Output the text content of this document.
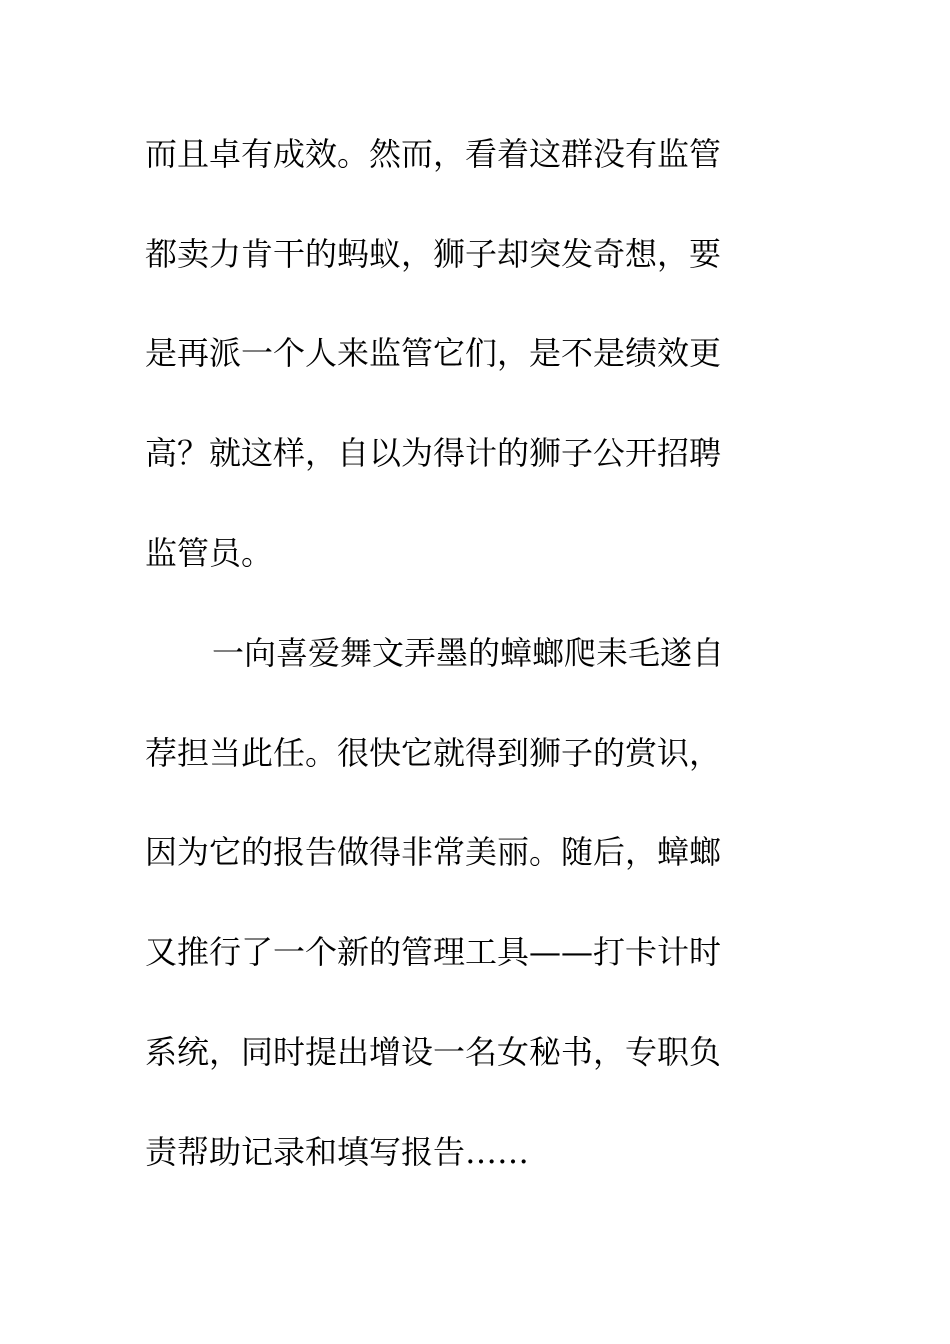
而且卓有成效。然而，看着这群没有监管
都卖力肯干的蚂蚁，狮子却突发奇想，要
是再派一个人来监管它们，是不是绩效更
高？就这样，自以为得计的狮子公开招聘
监管员。
一向喜爱舞文弄墨的蟑螂爬耒毛遂自
荐担当此任。很快它就得到狮子的赏识，
因为它的报告做得非常美丽。随后，蟑螂
又推行了一个新的管理工具——打卡计时
系统，同时提出增设一名女秘书，专职负
责帮助记录和填写报告……
